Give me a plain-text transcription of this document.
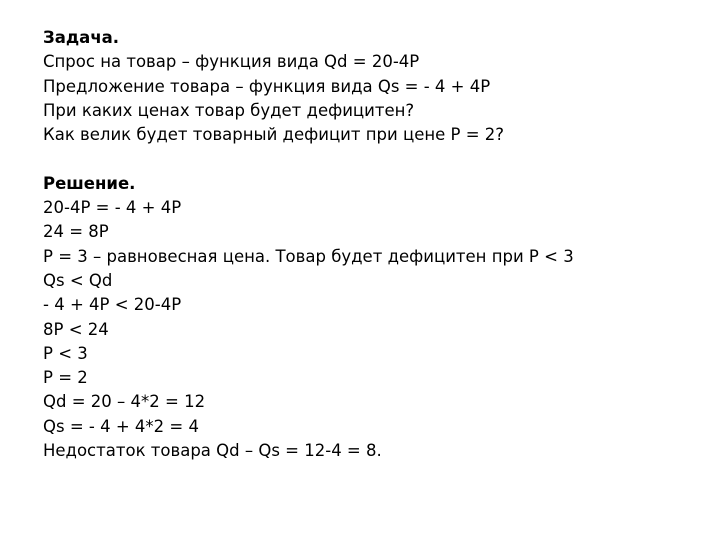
Задача.
Спрос на товар – функция вида Qd = 20-4P
Предложение товара – функция вида Qs = - 4 + 4P
При каких ценах товар будет дефицитен?
Как велик будет товарный дефицит при цене P = 2?
Решение.
20-4P = - 4 + 4P
24 = 8P
P = 3 – равновесная цена. Товар будет дефицитен при P < 3
Qs < Qd
- 4 + 4P < 20-4P
8P < 24
P < 3
P = 2
Qd = 20 – 4*2 = 12
Qs = - 4 + 4*2 = 4
Недостаток товара Qd – Qs = 12-4 = 8.
